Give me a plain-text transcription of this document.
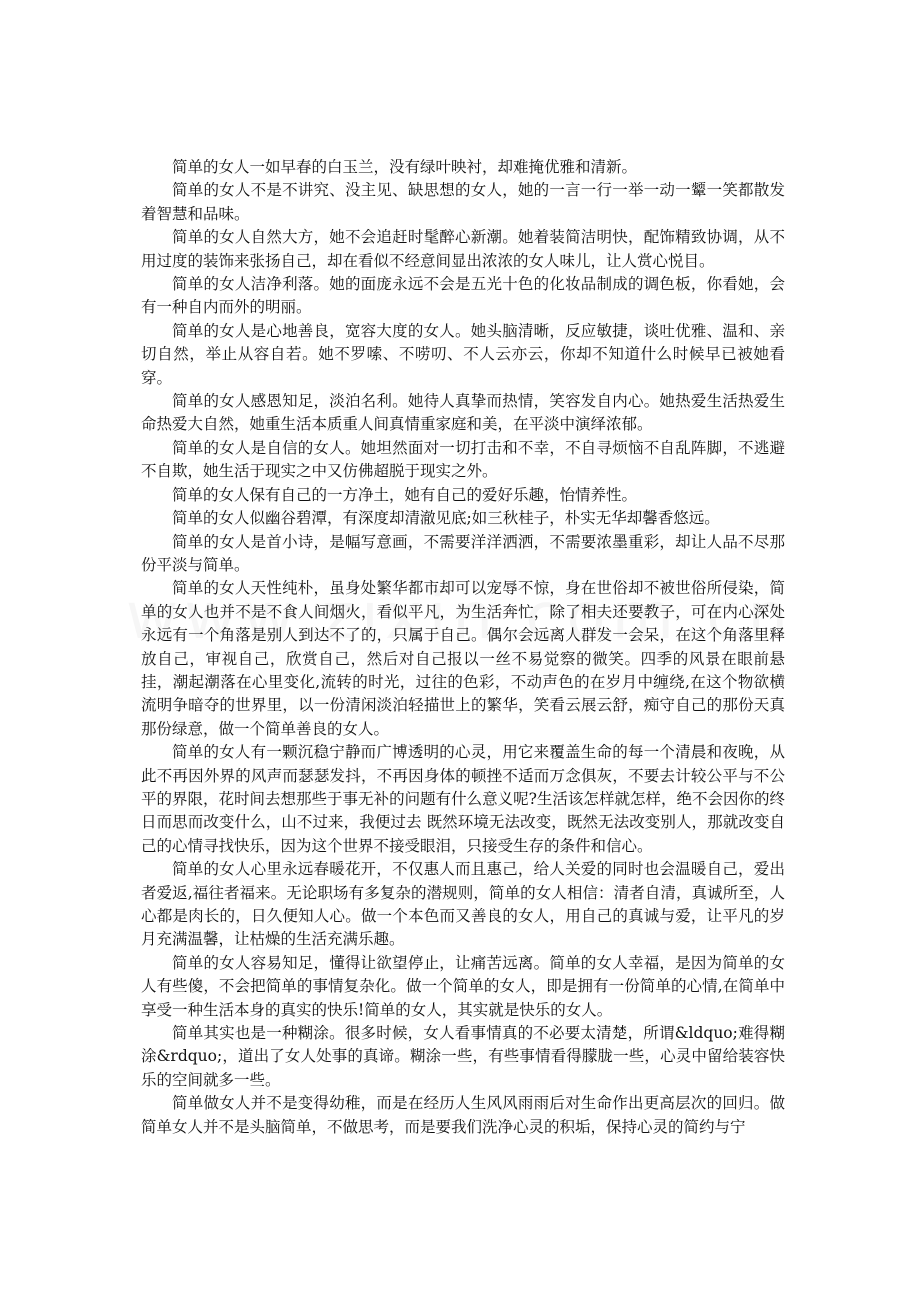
简单的女人一如早春的白玉兰，没有绿叶映衬，却难掩优雅和清新。

简单的女人不是不讲究、没主见、缺思想的女人，她的一言一行一举一动一颦一笑都散发着智慧和品味。

简单的女人自然大方，她不会追赶时髦醉心新潮。她着装简洁明快，配饰精致协调，从不用过度的装饰来张扬自己，却在看似不经意间显出浓浓的女人味儿，让人赏心悦目。

简单的女人洁净利落。她的面庞永远不会是五光十色的化妆品制成的调色板，你看她，会有一种自内而外的明丽。

简单的女人是心地善良，宽容大度的女人。她头脑清晰，反应敏捷，谈吐优雅、温和、亲切自然，举止从容自若。她不罗嗦、不唠叨、不人云亦云，你却不知道什么时候早已被她看穿。

简单的女人感恩知足，淡泊名利。她待人真挚而热情，笑容发自内心。她热爱生活热爱生命热爱大自然，她重生活本质重人间真情重家庭和美，在平淡中演绎浓郁。

简单的女人是自信的女人。她坦然面对一切打击和不幸，不自寻烦恼不自乱阵脚，不逃避不自欺，她生活于现实之中又仿佛超脱于现实之外。

简单的女人保有自己的一方净土，她有自己的爱好乐趣，怡情养性。

简单的女人似幽谷碧潭，有深度却清澈见底;如三秋桂子，朴实无华却馨香悠远。

简单的女人是首小诗，是幅写意画，不需要洋洋洒洒，不需要浓墨重彩，却让人品不尽那份平淡与简单。

简单的女人天性纯朴，虽身处繁华都市却可以宠辱不惊，身在世俗却不被世俗所侵染，简单的女人也并不是不食人间烟火，看似平凡，为生活奔忙，除了相夫还要教子，可在内心深处永远有一个角落是别人到达不了的，只属于自己。偶尔会远离人群发一会呆，在这个角落里释放自己，审视自己，欣赏自己，然后对自己报以一丝不易觉察的微笑。四季的风景在眼前悬挂，潮起潮落在心里变化,流转的时光，过往的色彩，不动声色的在岁月中缠绕,在这个物欲横流明争暗夺的世界里，以一份清闲淡泊轻描世上的繁华，笑看云展云舒，痴守自己的那份天真那份绿意，做一个简单善良的女人。

简单的女人有一颗沉稳宁静而广博透明的心灵，用它来覆盖生命的每一个清晨和夜晚，从此不再因外界的风声而瑟瑟发抖，不再因身体的顿挫不适而万念俱灰，不要去计较公平与不公平的界限，花时间去想那些于事无补的问题有什么意义呢?生活该怎样就怎样，绝不会因你的终日而思而改变什么，山不过来，我便过去 既然环境无法改变，既然无法改变别人，那就改变自己的心情寻找快乐，因为这个世界不接受眼泪，只接受生存的条件和信心。

简单的女人心里永远春暖花开，不仅惠人而且惠己，给人关爱的同时也会温暖自己，爱出者爱返,福往者福来。无论职场有多复杂的潜规则，简单的女人相信：清者自清，真诚所至，人心都是肉长的，日久便知人心。做一个本色而又善良的女人，用自己的真诚与爱，让平凡的岁月充满温馨，让枯燥的生活充满乐趣。

简单的女人容易知足，懂得让欲望停止，让痛苦远离。简单的女人幸福，是因为简单的女人有些傻，不会把简单的事情复杂化。做一个简单的女人，即是拥有一份简单的心情,在简单中享受一种生活本身的真实的快乐!简单的女人，其实就是快乐的女人。

简单其实也是一种糊涂。很多时候，女人看事情真的不必要太清楚，所谓&ldquo;难得糊涂&rdquo;，道出了女人处事的真谛。糊涂一些，有些事情看得朦胧一些，心灵中留给装容快乐的空间就多一些。

简单做女人并不是变得幼稚，而是在经历人生风风雨雨后对生命作出更高层次的回归。做简单女人并不是头脑简单，不做思考，而是要我们洗净心灵的积垢，保持心灵的简约与宁
